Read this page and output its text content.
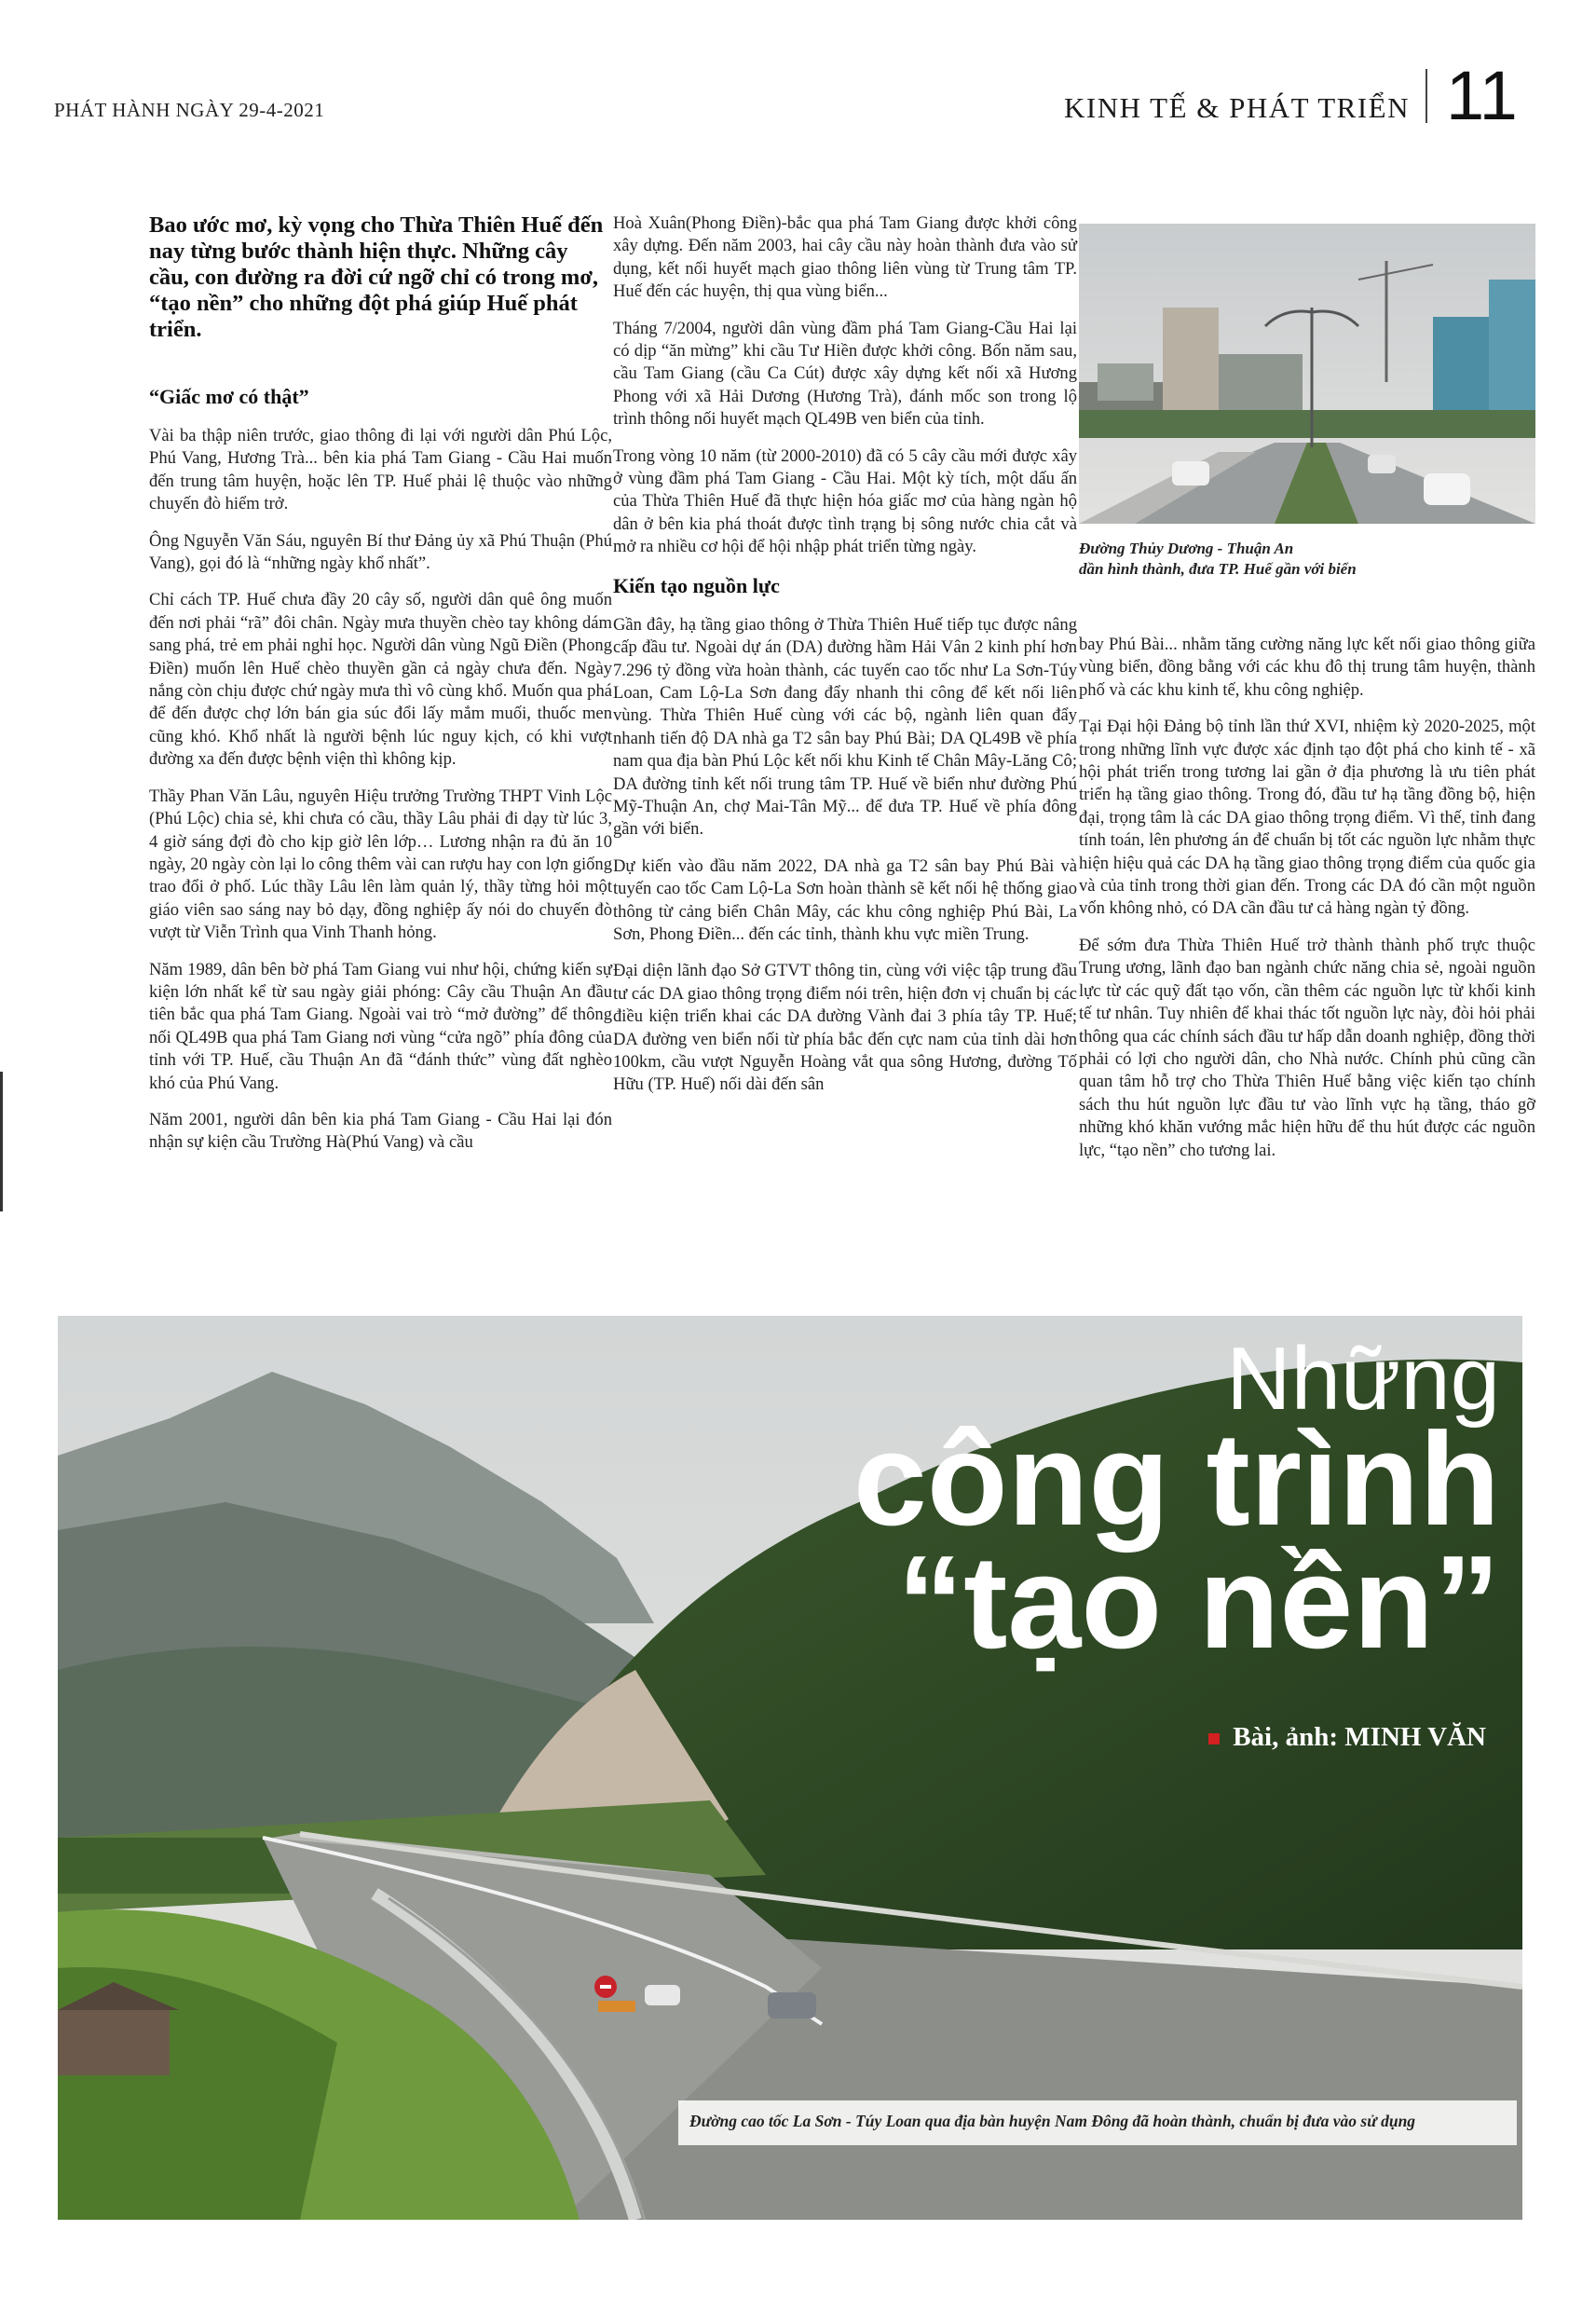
PHÁT HÀNH NGÀY 29-4-2021	KINH TẾ & PHÁT TRIỂN 11
Bao ước mơ, kỳ vọng cho Thừa Thiên Huế đến nay từng bước thành hiện thực. Những cây cầu, con đường ra đời cứ ngỡ chỉ có trong mơ, “tạo nền” cho những đột phá giúp Huế phát triển.
“Giấc mơ có thật”

Vài ba thập niên trước, giao thông đi lại với người dân Phú Lộc, Phú Vang, Hương Trà... bên kia phá Tam Giang - Cầu Hai muốn đến trung tâm huyện, hoặc lên TP. Huế phải lệ thuộc vào những chuyến đò hiểm trở.

Ông Nguyễn Văn Sáu, nguyên Bí thư Đảng ủy xã Phú Thuận (Phú Vang), gọi đó là “những ngày khổ nhất”.

Chỉ cách TP. Huế chưa đầy 20 cây số, người dân quê ông muốn đến nơi phải “rã” đôi chân. Ngày mưa thuyền chèo tay không dám sang phá, trẻ em phải nghỉ học. Người dân vùng Ngũ Điền (Phong Điền) muốn lên Huế chèo thuyền gần cả ngày chưa đến. Ngày nắng còn chịu được chứ ngày mưa thì vô cùng khổ. Muốn qua phá để đến được chợ lớn bán gia súc đổi lấy mắm muối, thuốc men cũng khó. Khổ nhất là người bệnh lúc nguy kịch, có khi vượt đường xa đến được bệnh viện thì không kịp.

Thầy Phan Văn Lâu, nguyên Hiệu trưởng Trường THPT Vinh Lộc (Phú Lộc) chia sẻ, khi chưa có cầu, thầy Lâu phải đi dạy từ lúc 3, 4 giờ sáng đợi đò cho kịp giờ lên lớp… Lương nhận ra đủ ăn 10 ngày, 20 ngày còn lại lo công thêm vài can rượu hay con lợn giống trao đổi ở phố. Lúc thầy Lâu lên làm quản lý, thầy từng hỏi một giáo viên sao sáng nay bỏ dạy, đồng nghiệp ấy nói do chuyến đò vượt từ Viễn Trình qua Vinh Thanh hỏng.

Năm 1989, dân bên bờ phá Tam Giang vui như hội, chứng kiến sự kiện lớn nhất kể từ sau ngày giải phóng: Cây cầu Thuận An đầu tiên bắc qua phá Tam Giang. Ngoài vai trò “mở đường” để thông nối QL49B qua phá Tam Giang nơi vùng “cửa ngõ” phía đông của tỉnh với TP. Huế, cầu Thuận An đã “đánh thức” vùng đất nghèo khó của Phú Vang.

Năm 2001, người dân bên kia phá Tam Giang - Cầu Hai lại đón nhận sự kiện cầu Trường Hà(Phú Vang) và cầu

Hoà Xuân(Phong Điền)-bắc qua phá Tam Giang được khởi công xây dựng. Đến năm 2003, hai cây cầu này hoàn thành đưa vào sử dụng, kết nối huyết mạch giao thông liên vùng từ Trung tâm TP. Huế đến các huyện, thị qua vùng biển...

Tháng 7/2004, người dân vùng đầm phá Tam Giang-Cầu Hai lại có dịp “ăn mừng” khi cầu Tư Hiền được khởi công. Bốn năm sau, cầu Tam Giang (cầu Ca Cút) được xây dựng kết nối xã Hương Phong với xã Hải Dương (Hương Trà), đánh mốc son trong lộ trình thông nối huyết mạch QL49B ven biển của tỉnh.

Trong vòng 10 năm (từ 2000-2010) đã có 5 cây cầu mới được xây ở vùng đầm phá Tam Giang - Cầu Hai. Một kỳ tích, một dấu ấn của Thừa Thiên Huế đã thực hiện hóa giấc mơ của hàng ngàn hộ dân ở bên kia phá thoát được tình trạng bị sông nước chia cắt và mở ra nhiều cơ hội để hội nhập phát triển từng ngày.

Kiến tạo nguồn lực

Gần đây, hạ tầng giao thông ở Thừa Thiên Huế tiếp tục được nâng cấp đầu tư. Ngoài dự án (DA) đường hầm Hải Vân 2 kinh phí hơn 7.296 tỷ đồng vừa hoàn thành, các tuyến cao tốc như La Sơn-Túy Loan, Cam Lộ-La Sơn đang đẩy nhanh thi công để kết nối liên vùng. Thừa Thiên Huế cùng với các bộ, ngành liên quan đẩy nhanh tiến độ DA nhà ga T2 sân bay Phú Bài; DA QL49B về phía nam qua địa bàn Phú Lộc kết nối khu Kinh tế Chân Mây-Lăng Cô; DA đường tỉnh kết nối trung tâm TP. Huế về biển như đường Phú Mỹ-Thuận An, chợ Mai-Tân Mỹ... để đưa TP. Huế về phía đông gần với biển.

Dự kiến vào đầu năm 2022, DA nhà ga T2 sân bay Phú Bài và tuyến cao tốc Cam Lộ-La Sơn hoàn thành sẽ kết nối hệ thống giao thông từ cảng biển Chân Mây, các khu công nghiệp Phú Bài, La Sơn, Phong Điền... đến các tỉnh, thành khu vực miền Trung.

Đại diện lãnh đạo Sở GTVT thông tin, cùng với việc tập trung đầu tư các DA giao thông trọng điểm nói trên, hiện đơn vị chuẩn bị các điều kiện triển khai các DA đường Vành đai 3 phía tây TP. Huế; DA đường ven biển nối từ phía bắc đến cực nam của tỉnh dài hơn 100km, cầu vượt Nguyễn Hoàng vắt qua sông Hương, đường Tố Hữu (TP. Huế) nối dài đến sân

Đường Thủy Dương - Thuận An
dần hình thành, đưa TP. Huế gần với biển

bay Phú Bài... nhằm tăng cường năng lực kết nối giao thông giữa vùng biển, đồng bằng với các khu đô thị trung tâm huyện, thành phố và các khu kinh tế, khu công nghiệp.

Tại Đại hội Đảng bộ tỉnh lần thứ XVI, nhiệm kỳ 2020-2025, một trong những lĩnh vực được xác định tạo đột phá cho kinh tế - xã hội phát triển trong tương lai gần ở địa phương là ưu tiên phát triển hạ tầng giao thông. Trong đó, đầu tư hạ tầng đồng bộ, hiện đại, trọng tâm là các DA giao thông trọng điểm. Vì thế, tỉnh đang tính toán, lên phương án để chuẩn bị tốt các nguồn lực nhằm thực hiện hiệu quả các DA hạ tầng giao thông trọng điểm của quốc gia và của tỉnh trong thời gian đến. Trong các DA đó cần một nguồn vốn không nhỏ, có DA cần đầu tư cả hàng ngàn tỷ đồng.

Để sớm đưa Thừa Thiên Huế trở thành thành phố trực thuộc Trung ương, lãnh đạo ban ngành chức năng chia sẻ, ngoài nguồn lực từ các quỹ đất tạo vốn, cần thêm các nguồn lực từ khối kinh tế tư nhân. Tuy nhiên để khai thác tốt nguồn lực này, đòi hỏi phải thông qua các chính sách đầu tư hấp dẫn doanh nghiệp, đồng thời phải có lợi cho người dân, cho Nhà nước. Chính phủ cũng cần quan tâm hỗ trợ cho Thừa Thiên Huế bằng việc kiến tạo chính sách thu hút nguồn lực đầu tư vào lĩnh vực hạ tầng, tháo gỡ những khó khăn vướng mắc hiện hữu để thu hút được các nguồn lực, “tạo nền” cho tương lai.

Những
công trình
“tạo nền”
Bài, ảnh: MINH VĂN
Đường cao tốc La Sơn - Túy Loan qua địa bàn huyện Nam Đông đã hoàn thành, chuẩn bị đưa vào sử dụng
